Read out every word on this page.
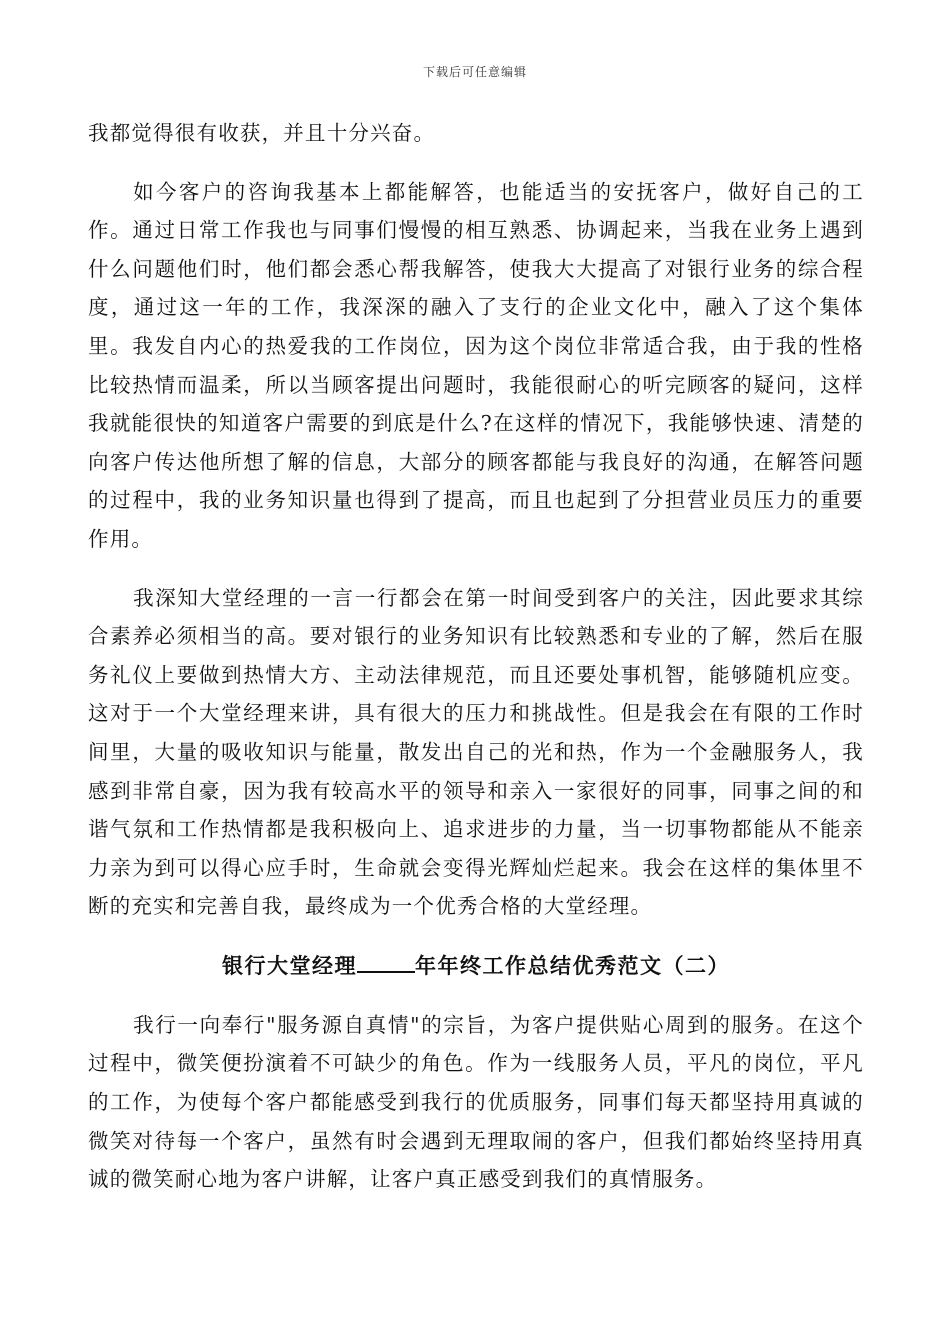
下载后可任意编辑

我都觉得很有收获，并且十分兴奋。

如今客户的咨询我基本上都能解答，也能适当的安抚客户，做好自己的工作。通过日常工作我也与同事们慢慢的相互熟悉、协调起来，当我在业务上遇到什么问题他们时，他们都会悉心帮我解答，使我大大提高了对银行业务的综合程度，通过这一年的工作，我深深的融入了支行的企业文化中，融入了这个集体里。我发自内心的热爱我的工作岗位，因为这个岗位非常适合我，由于我的性格比较热情而温柔，所以当顾客提出问题时，我能很耐心的听完顾客的疑问，这样我就能很快的知道客户需要的到底是什么?在这样的情况下，我能够快速、清楚的向客户传达他所想了解的信息，大部分的顾客都能与我良好的沟通，在解答问题的过程中，我的业务知识量也得到了提高，而且也起到了分担营业员压力的重要作用。

我深知大堂经理的一言一行都会在第一时间受到客户的关注，因此要求其综合素养必须相当的高。要对银行的业务知识有比较熟悉和专业的了解，然后在服务礼仪上要做到热情大方、主动法律规范，而且还要处事机智，能够随机应变。这对于一个大堂经理来讲，具有很大的压力和挑战性。但是我会在有限的工作时间里，大量的吸收知识与能量，散发出自己的光和热，作为一个金融服务人，我感到非常自豪，因为我有较高水平的领导和亲入一家很好的同事，同事之间的和谐气氛和工作热情都是我积极向上、追求进步的力量，当一切事物都能从不能亲力亲为到可以得心应手时，生命就会变得光辉灿烂起来。我会在这样的集体里不断的充实和完善自我，最终成为一个优秀合格的大堂经理。

银行大堂经理	年年终工作总结优秀范文（二）

我行一向奉行"服务源自真情"的宗旨，为客户提供贴心周到的服务。在这个过程中，微笑便扮演着不可缺少的角色。作为一线服务人员，平凡的岗位，平凡的工作，为使每个客户都能感受到我行的优质服务，同事们每天都坚持用真诚的微笑对待每一个客户，虽然有时会遇到无理取闹的客户，但我们都始终坚持用真诚的微笑耐心地为客户讲解，让客户真正感受到我们的真情服务。
